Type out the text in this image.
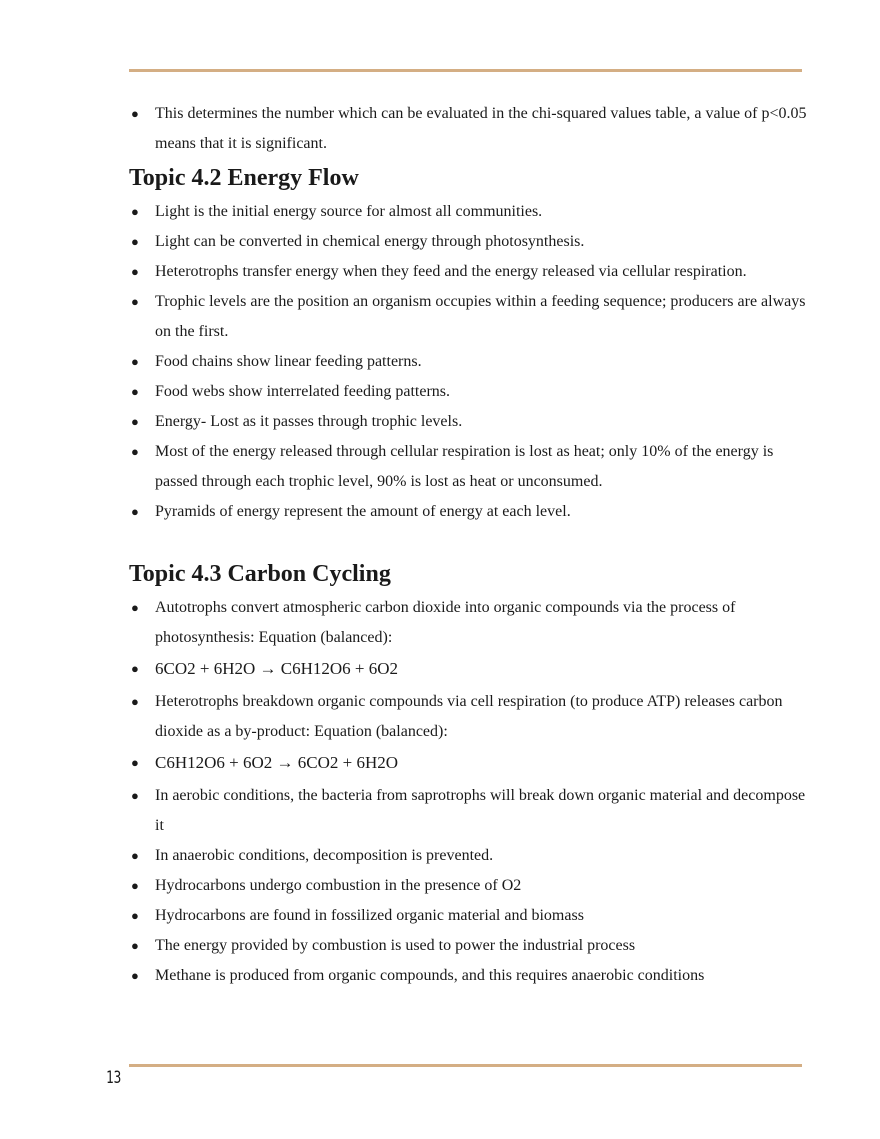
● This determines the number which can be evaluated in the chi-squared values table, a value of p<0.05 means that it is significant.
Topic 4.2 Energy Flow
● Light is the initial energy source for almost all communities.
● Light can be converted in chemical energy through photosynthesis.
● Heterotrophs transfer energy when they feed and the energy released via cellular respiration.
● Trophic levels are the position an organism occupies within a feeding sequence; producers are always on the first.
● Food chains show linear feeding patterns.
● Food webs show interrelated feeding patterns.
● Energy- Lost as it passes through trophic levels.
● Most of the energy released through cellular respiration is lost as heat; only 10% of the energy is passed through each trophic level, 90% is lost as heat or unconsumed.
● Pyramids of energy represent the amount of energy at each level.
Topic 4.3 Carbon Cycling
● Autotrophs convert atmospheric carbon dioxide into organic compounds via the process of photosynthesis: Equation (balanced):
● 6CO2 + 6H2O → C6H12O6 + 6O2
● Heterotrophs breakdown organic compounds via cell respiration (to produce ATP) releases carbon dioxide as a by-product: Equation (balanced):
● C6H12O6 + 6O2 → 6CO2 + 6H2O
● In aerobic conditions, the bacteria from saprotrophs will break down organic material and decompose it
● In anaerobic conditions, decomposition is prevented.
● Hydrocarbons undergo combustion in the presence of O2
● Hydrocarbons are found in fossilized organic material and biomass
● The energy provided by combustion is used to power the industrial process
● Methane is produced from organic compounds, and this requires anaerobic conditions
13
